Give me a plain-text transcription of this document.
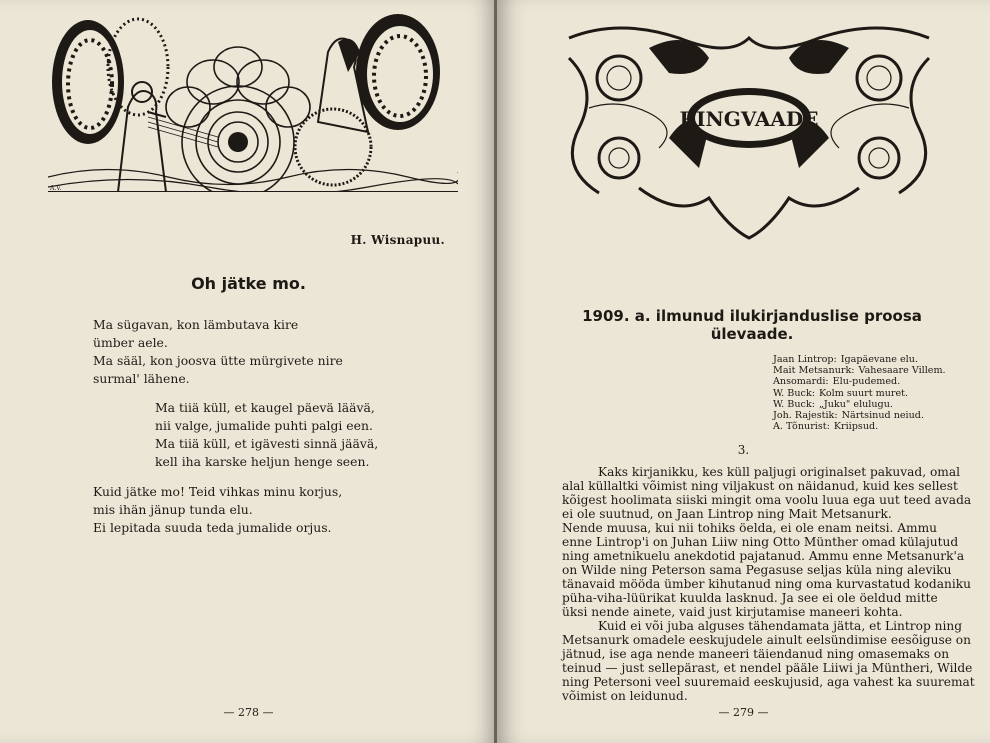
A.V.
H. Wisnapuu.
Oh jätke mo.
Ma sügavan, kon lämbutava kire
ümber aele.
Ma sääl, kon joosva ütte mürgivete nire
surmal' lähene.
Ma tiiä küll, et kaugel päevä läävä,
nii valge, jumalide puhti palgi een.
Ma tiiä küll, et igävesti sinnä jäävä,
kell iha karske heljun henge seen.
Kuid jätke mo! Teid vihkas minu korjus,
mis ihän jänup tunda elu.
Ei lepitada suuda teda jumalide orjus.
— 278 —
RINGVAADE
1909. a. ilmunud ilukirjanduslise proosa
ülevaade.
Jaan Lintrop: Igapäevane elu.
Mait Metsanurk: Vahesaare Villem.
Ansomardi: Elu-pudemed.
W. Buck: Kolm suurt muret.
W. Buck: „Juku" elulugu.
Joh. Rajestik: Närtsinud neiud.
A. Tõnurist: Kriipsud.
3.
Kaks kirjanikku, kes küll paljugi originalset pakuvad, omal
alal küllaltki võimist ning viljakust on näidanud, kuid kes sellest
kõigest hoolimata siiski mingit oma voolu luua ega uut teed avada
ei ole suutnud, on Jaan Lintrop ning Mait Metsanurk.
Nende muusa, kui nii tohiks öelda, ei ole enam neitsi. Ammu
enne Lintrop'i on Juhan Liiw ning Otto Münther omad külajutud
ning ametnikuelu anekdotid pajatanud. Ammu enne Metsanurk'a
on Wilde ning Peterson sama Pegasuse seljas küla ning aleviku
tänavaid mööda ümber kihutanud ning oma kurvastatud kodaniku
püha-viha-lüürikat kuulda lasknud. Ja see ei ole öeldud mitte
üksi nende ainete, vaid just kirjutamise maneeri kohta.
Kuid ei või juba alguses tähendamata jätta, et Lintrop ning
Metsanurk omadele eeskujudele ainult eelsündimise eesõiguse on
jätnud, ise aga nende maneeri täiendanud ning omasemaks on
teinud — just sellepärast, et nendel pääle Liiwi ja Müntheri, Wilde
ning Petersoni veel suuremaid eeskujusid, aga vahest ka suuremat
võimist on leidunud.
— 279 —
